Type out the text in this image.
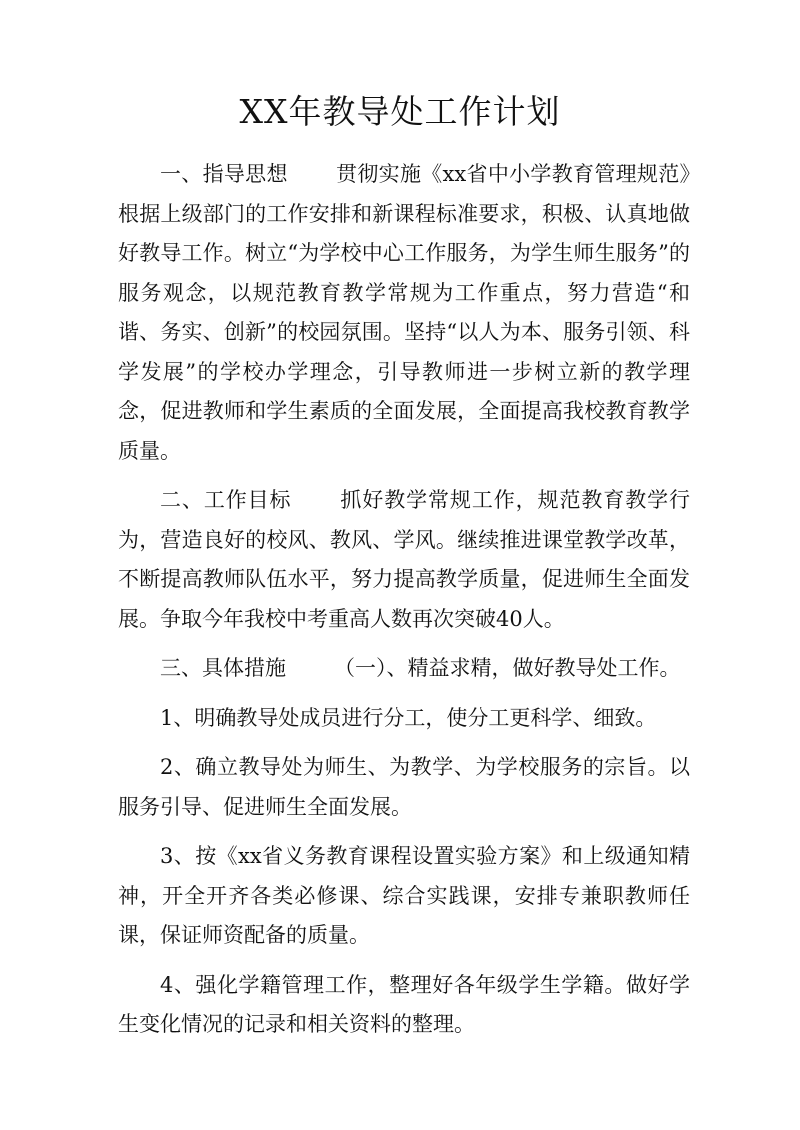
XX年教导处工作计划

一、指导思想 贯彻实施《xx省中小学教育管理规范》根据上级部门的工作安排和新课程标准要求，积极、认真地做好教导工作。树立“为学校中心工作服务，为学生师生服务”的服务观念，以规范教育教学常规为工作重点，努力营造“和谐、务实、创新”的校园氛围。坚持“以人为本、服务引领、科学发展”的学校办学理念，引导教师进一步树立新的教学理念，促进教师和学生素质的全面发展，全面提高我校教育教学质量。

二、工作目标 抓好教学常规工作，规范教育教学行为，营造良好的校风、教风、学风。继续推进课堂教学改革，不断提高教师队伍水平，努力提高教学质量，促进师生全面发展。争取今年我校中考重高人数再次突破40人。

三、具体措施 （一）、精益求精，做好教导处工作。

1、明确教导处成员进行分工，使分工更科学、细致。

2、确立教导处为师生、为教学、为学校服务的宗旨。以服务引导、促进师生全面发展。

3、按《xx省义务教育课程设置实验方案》和上级通知精神，开全开齐各类必修课、综合实践课，安排专兼职教师任课，保证师资配备的质量。

4、强化学籍管理工作，整理好各年级学生学籍。做好学生变化情况的记录和相关资料的整理。
